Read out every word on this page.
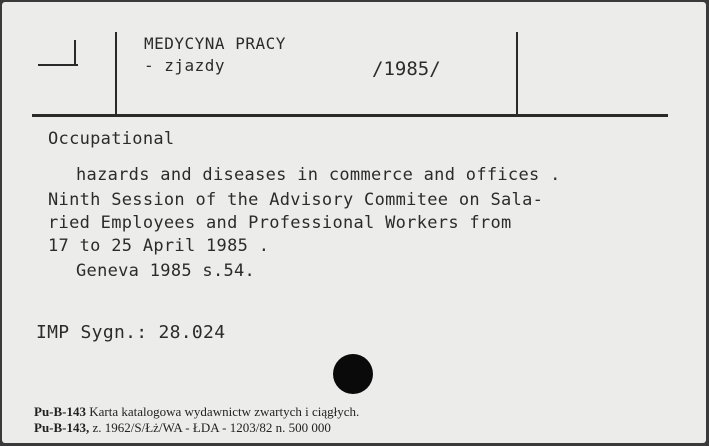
MEDYCYNA PRACY
- zjazdy	/1985/
Occupational
hazards and diseases in commerce and offices .
Ninth Session of the Advisory Commitee on Sala-
ried Employees and Professional Workers from
17 to 25 April 1985 .
Geneva 1985 s.54.
IMP Sygn.: 28.024
Pu-B-143 Karta katalogowa wydawnictw zwartych i ciągłych.
Pu-B-143, z. 1962/S/Łż/WA - ŁDA - 1203/82 n. 500 000
